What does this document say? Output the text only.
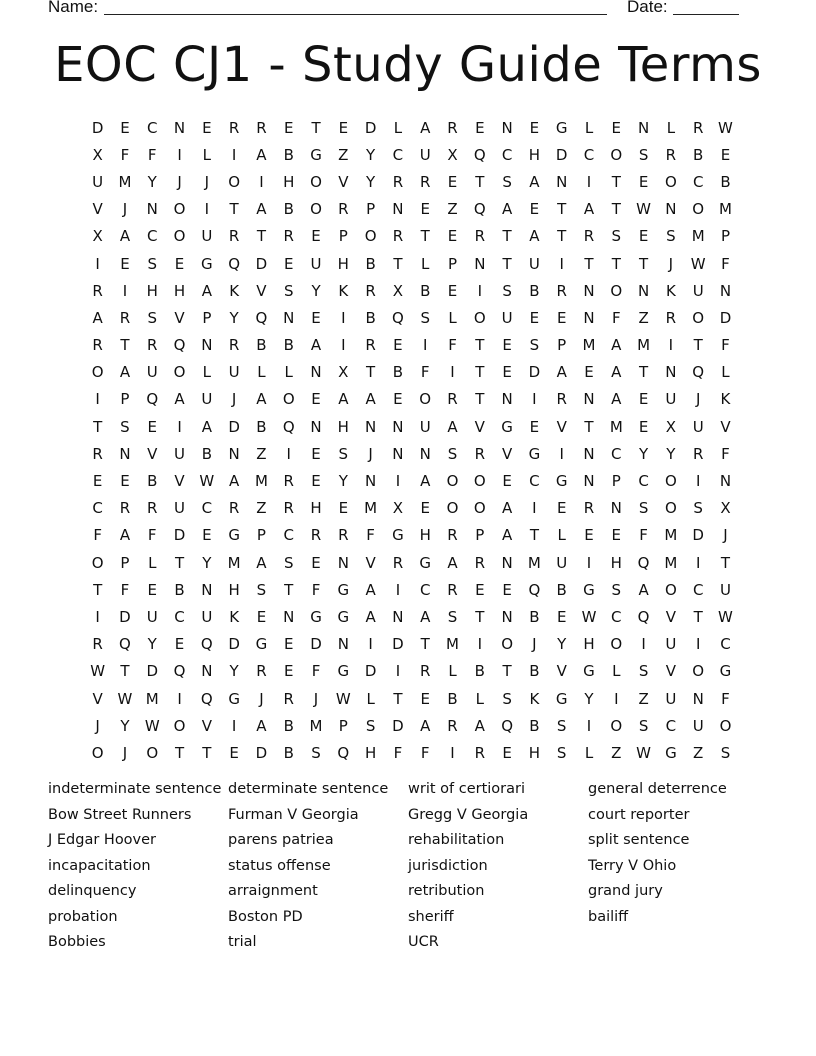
Name:	Date:
EOC CJ1 - Study Guide Terms
D	E	C	N	E	R	R	E	T	E	D	L	A	R	E	N	E	G	L	E	N	L	R W
X	F	F	I	L	I	A	B	G	Z	Y	C	U	X	Q	C	H	D	C	O	S	R	B	E
U	M	Y	J	J	O	I	H	O	V	Y	R	R	E	T	S	A	N	I	T	E	O	C	B
V	J	N	O	I	T	A	B	O	R	P	N	E	Z	Q	A	E	T	A	T	W N	O M
X	A	C	O	U	R	T	R	E	P	O	R	T	E	R	T	A	T	R	S	E	S	M	P
I	E	S	E	G	Q	D	E	U	H	B	T	L	P	N	T	U	I	T	T	T	J	W	F
R	I	H	H	A	K	V	S	Y	K	R	X	B	E	I	S	B	R	N	O	N	K	U	N
A	R	S	V	P	Y	Q	N	E	I	B	Q	S	L	O	U	E	E	N	F	Z	R	O	D
R	T	R	Q	N	R	B	B	A	I	R	E	I	F	T	E	S	P	M	A	M	I	T	F
O	A	U	O	L	U	L	L	N	X	T	B	F	I	T	E	D	A	E	A	T	N	Q	L
I	P	Q	A	U	J	A	O	E	A	A	E	O	R	T	N	I	R	N	A	E	U	J	K
T	S	E	I	A	D	B	Q	N	H	N	N	U	A	V	G	E	V	T	M	E	X	U	V
R	N	V	U	B	N	Z	I	E	S	J	N	N	S	R	V	G	I	N	C	Y	Y	R	F
E	E	B	V W A	M	R	E	Y	N	I	A	O	O	E	C	G	N	P	C	O	I	N
C	R	R	U	C	R	Z	R	H	E	M	X	E	O	O	A	I	E	R	N	S	O	S	X
F	A	F	D	E	G	P	C	R	R	F	G	H	R	P	A	T	L	E	E	F	M	D	J
O	P	L	T	Y	M	A	S	E	N	V	R	G	A	R	N	M	U	I	H	Q M	I	T
T	F	E	B	N	H	S	T	F	G	A	I	C	R	E	E	Q	B	G	S	A	O	C	U
I	D	U	C	U	K	E	N	G	G	A	N	A	S	T	N	B	E	W C	Q	V	T	W
R	Q	Y	E	Q	D	G	E	D	N	I	D	T	M	I	O	J	Y	H	O	I	U	I	C
W	T	D	Q	N	Y	R	E	F	G	D	I	R	L	B	T	B	V	G	L	S	V	O	G
V W M	I	Q	G	J	R	J	W	L	T	E	B	L	S	K	G	Y	I	Z	U	N	F
J	Y	W O	V	I	A	B	M	P	S	D	A	R	A	Q	B	S	I	O	S	C	U	O
O	J	O	T	T	E	D	B	S	Q	H	F	F	I	R	E	H	S	L	Z W G	Z	S
indeterminate sentence
Bow Street Runners
J Edgar Hoover
incapacitation
delinquency
probation
Bobbies
determinate sentence
Furman V Georgia
parens patriea
status offense
arraignment
Boston PD
trial
writ of certiorari
Gregg V Georgia
rehabilitation
jurisdiction
retribution
sheriff
UCR
general deterrence
court reporter
split sentence
Terry V Ohio
grand jury
bailiff
